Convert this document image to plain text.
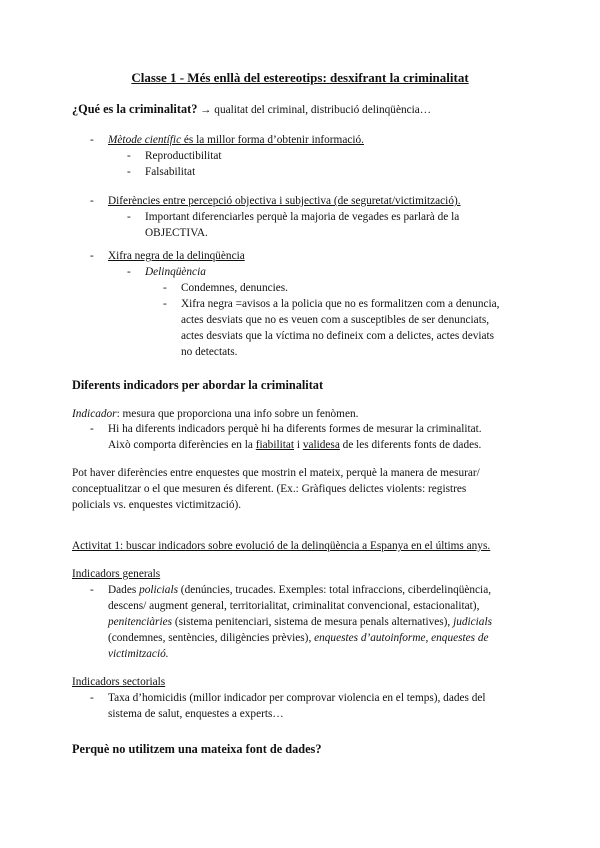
Classe 1 - Més enllà del estereotips: desxifrant la criminalitat
¿Qué es la criminalitat? → qualitat del criminal, distribució delinqüència…
- Mètode científic és la millor forma d’obtenir informació.
- Reproductibilitat
- Falsabilitat
- Diferències entre percepció objectiva i subjectiva (de seguretat/victimització).
- Important diferenciarles perquè la majoria de vegades es parlarà de la
OBJECTIVA.
- Xifra negra de la delinqüència
- Delinqüència
- Condemnes, denuncies.
- Xifra negra =avisos a la policia que no es formalitzen com a denuncia,
actes desviats que no es veuen com a susceptibles de ser denunciats,
actes desviats que la víctima no defineix com a delictes, actes deviats
no detectats.
Diferents indicadors per abordar la criminalitat
Indicador: mesura que proporciona una info sobre un fenòmen.
- Hi ha diferents indicadors perquè hi ha diferents formes de mesurar la criminalitat.
Això comporta diferències en la fiabilitat i validesa de les diferents fonts de dades.
Pot haver diferències entre enquestes que mostrin el mateix, perquè la manera de mesurar/
conceptualitzar o el que mesuren és diferent. (Ex.: Gràfiques delictes violents: registres
policials vs. enquestes victimització).
Activitat 1: buscar indicadors sobre evolució de la delinqüència a Espanya en el últims anys.
Indicadors generals
- Dades policials (denúncies, trucades. Exemples: total infraccions, ciberdelinqüència,
descens/ augment general, territorialitat, criminalitat convencional, estacionalitat),
penitenciàries (sistema penitenciari, sistema de mesura penals alternatives), judicials
(condemnes, sentències, diligències prèvies), enquestes d’autoinforme, enquestes de
victimització.
Indicadors sectorials
- Taxa d’homicidis (millor indicador per comprovar violencia en el temps), dades del
sistema de salut, enquestes a experts…
Perquè no utilitzem una mateixa font de dades?
